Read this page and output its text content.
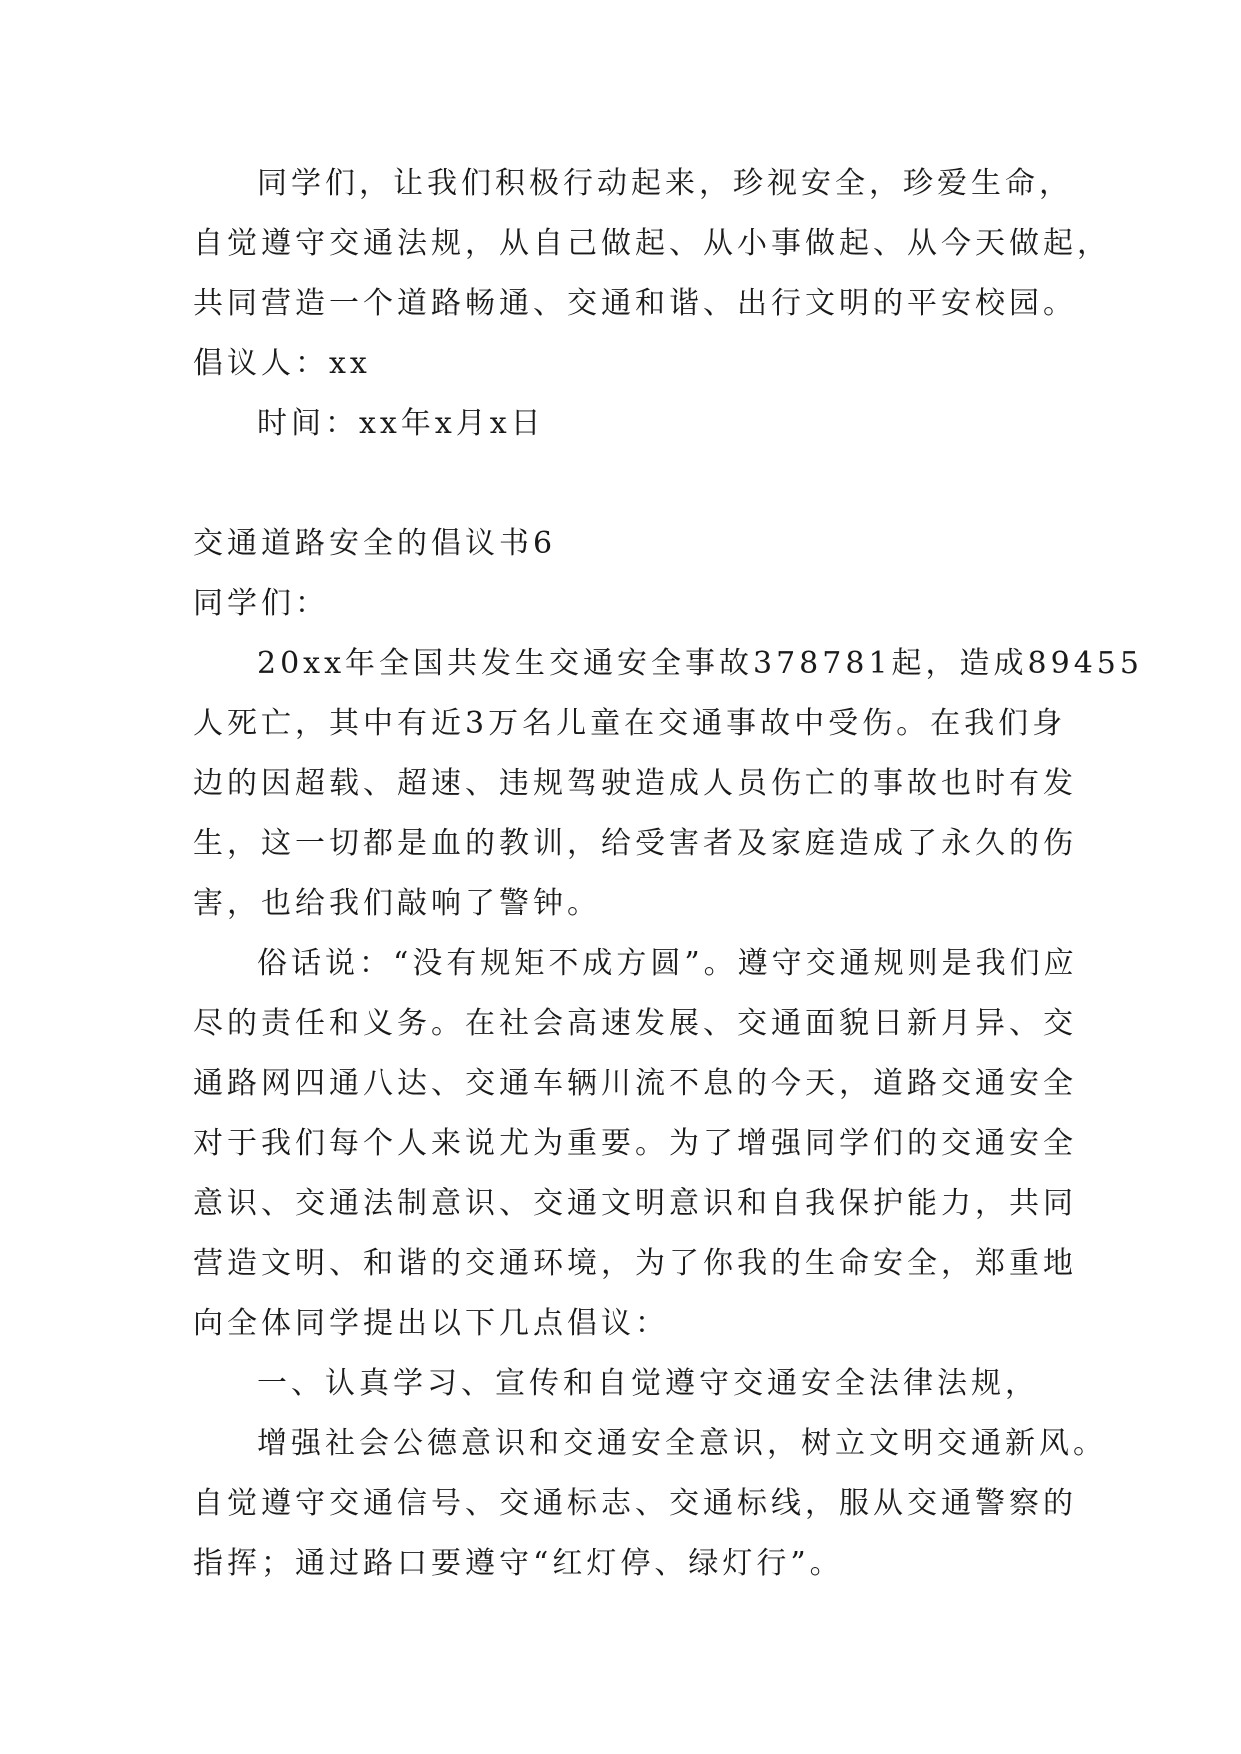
同学们，让我们积极行动起来，珍视安全，珍爱生命，
自觉遵守交通法规，从自己做起、从小事做起、从今天做起，
共同营造一个道路畅通、交通和谐、出行文明的平安校园。
倡议人：xx
时间：xx年x月x日
交通道路安全的倡议书6
同学们：
20xx年全国共发生交通安全事故378781起，造成89455
人死亡，其中有近3万名儿童在交通事故中受伤。在我们身
边的因超载、超速、违规驾驶造成人员伤亡的事故也时有发
生，这一切都是血的教训，给受害者及家庭造成了永久的伤
害，也给我们敲响了警钟。
俗话说：“没有规矩不成方圆”。遵守交通规则是我们应
尽的责任和义务。在社会高速发展、交通面貌日新月异、交
通路网四通八达、交通车辆川流不息的今天，道路交通安全
对于我们每个人来说尤为重要。为了增强同学们的交通安全
意识、交通法制意识、交通文明意识和自我保护能力，共同
营造文明、和谐的交通环境，为了你我的生命安全，郑重地
向全体同学提出以下几点倡议：
一、认真学习、宣传和自觉遵守交通安全法律法规，
增强社会公德意识和交通安全意识，树立文明交通新风。
自觉遵守交通信号、交通标志、交通标线，服从交通警察的
指挥；通过路口要遵守“红灯停、绿灯行”。
